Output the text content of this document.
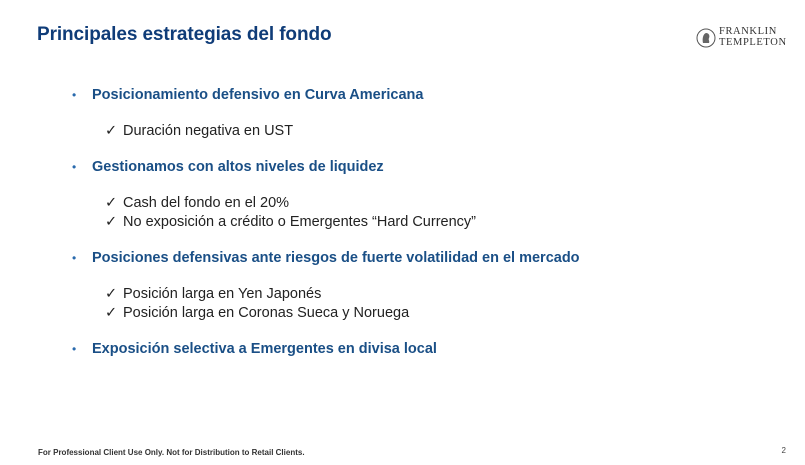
Principales estrategias del fondo	FRANKLIN
TEMPLETON
• Posicionamiento defensivo en Curva Americana
✓ Duración negativa en UST
• Gestionamos con altos niveles de liquidez
✓ Cash del fondo en el 20%
✓ No exposición a crédito o Emergentes “Hard Currency”
• Posiciones defensivas ante riesgos de fuerte volatilidad en el mercado
✓ Posición larga en Yen Japonés
✓ Posición larga en Coronas Sueca y Noruega
• Exposición selectiva a Emergentes en divisa local
For Professional Client Use Only. Not for Distribution to Retail Clients.	2
